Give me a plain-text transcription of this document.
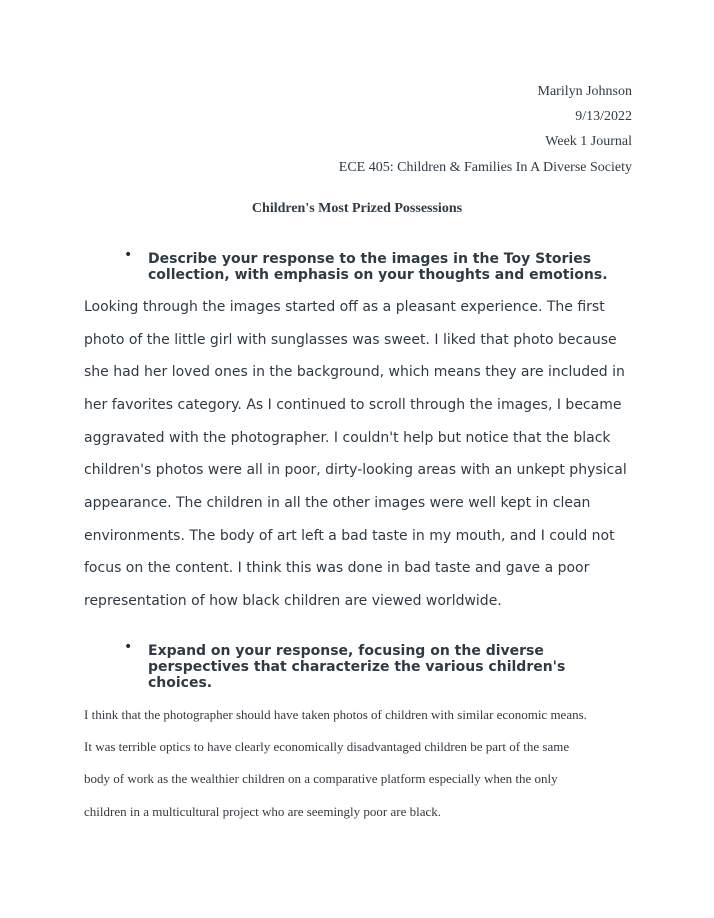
Marilyn Johnson
9/13/2022
Week 1 Journal
ECE 405: Children & Families In A Diverse Society
Children's Most Prized Possessions
• Describe your response to the images in the Toy Stories
collection, with emphasis on your thoughts and emotions.
Looking through the images started off as a pleasant experience. The first
photo of the little girl with sunglasses was sweet. I liked that photo because
she had her loved ones in the background, which means they are included in
her favorites category. As I continued to scroll through the images, I became
aggravated with the photographer. I couldn't help but notice that the black
children's photos were all in poor, dirty-looking areas with an unkept physical
appearance. The children in all the other images were well kept in clean
environments. The body of art left a bad taste in my mouth, and I could not
focus on the content. I think this was done in bad taste and gave a poor
representation of how black children are viewed worldwide.
• Expand on your response, focusing on the diverse
perspectives that characterize the various children's
choices.
I think that the photographer should have taken photos of children with similar economic means.
It was terrible optics to have clearly economically disadvantaged children be part of the same
body of work as the wealthier children on a comparative platform especially when the only
children in a multicultural project who are seemingly poor are black.
